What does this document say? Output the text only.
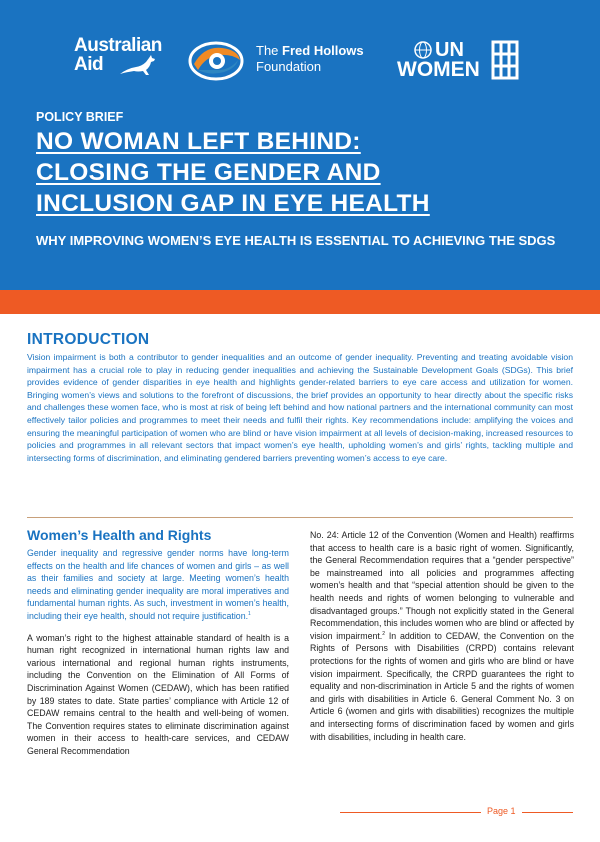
Australian
Aid
The Fred Hollows
Foundation
UN
WOMEN
POLICY BRIEF
NO WOMAN LEFT BEHIND:
CLOSING THE GENDER AND
INCLUSION GAP IN EYE HEALTH
WHY IMPROVING WOMEN’S EYE HEALTH IS ESSENTIAL TO ACHIEVING THE SDGS
INTRODUCTION
Vision impairment is both a contributor to gender inequalities and an outcome of gender inequality. Preventing and treating avoidable vision impairment has a crucial role to play in reducing gender inequalities and achieving the Sustainable Development Goals (SDGs). This brief provides evidence of gender disparities in eye health and highlights gender-related barriers to eye care access and utilization for women. Bringing women’s views and solutions to the forefront of discussions, the brief provides an opportunity to hear directly about the specific risks and challenges these women face, who is most at risk of being left behind and how national partners and the international community can most effectively tailor policies and programmes to meet their needs and fulfil their rights. Key recommendations include: amplifying the voices and ensuring the meaningful participation of women who are blind or have vision impairment at all levels of decision-making, increased resources to policies and programmes in all relevant sectors that impact women’s eye health, upholding women’s and girls’ rights, tackling multiple and intersecting forms of discrimination, and eliminating gendered barriers preventing women’s access to eye care.
Women’s Health and Rights
Gender inequality and regressive gender norms have long-term effects on the health and life chances of women and girls – as well as their families and society at large. Meeting women’s health needs and eliminating gender inequality are moral imperatives and fundamental human rights. As such, investment in women’s health, including their eye health, should not require justification.$^1$
A woman’s right to the highest attainable standard of health is a human right recognized in international human rights law and various international and regional human rights instruments, including the Convention on the Elimination of All Forms of Discrimination Against Women (CEDAW), which has been ratified by 189 states to date. State parties’ compliance with Article 12 of CEDAW remains central to the health and well-being of women. The Convention requires states to eliminate discrimination against women in their access to health-care services, and CEDAW General Recommendation
No. 24: Article 12 of the Convention (Women and Health) reaffirms that access to health care is a basic right of women. Significantly, the General Recommendation requires that a “gender perspective” be mainstreamed into all policies and programmes affecting women’s health and that “special attention should be given to the health needs and rights of women belonging to vulnerable and disadvantaged groups.” Though not explicitly stated in the General Recommendation, this includes women who are blind or affected by vision impairment.$^2$ In addition to CEDAW, the Convention on the Rights of Persons with Disabilities (CRPD) contains relevant protections for the rights of women and girls who are blind or have vision impairment. Specifically, the CRPD guarantees the right to equality and non-discrimination in Article 5 and the rights of women and girls with disabilities in Article 6. General Comment No. 3 on Article 6 (women and girls with disabilities) recognizes the multiple and intersecting forms of discrimination faced by women and girls with disabilities, including in health care.
Page 1
